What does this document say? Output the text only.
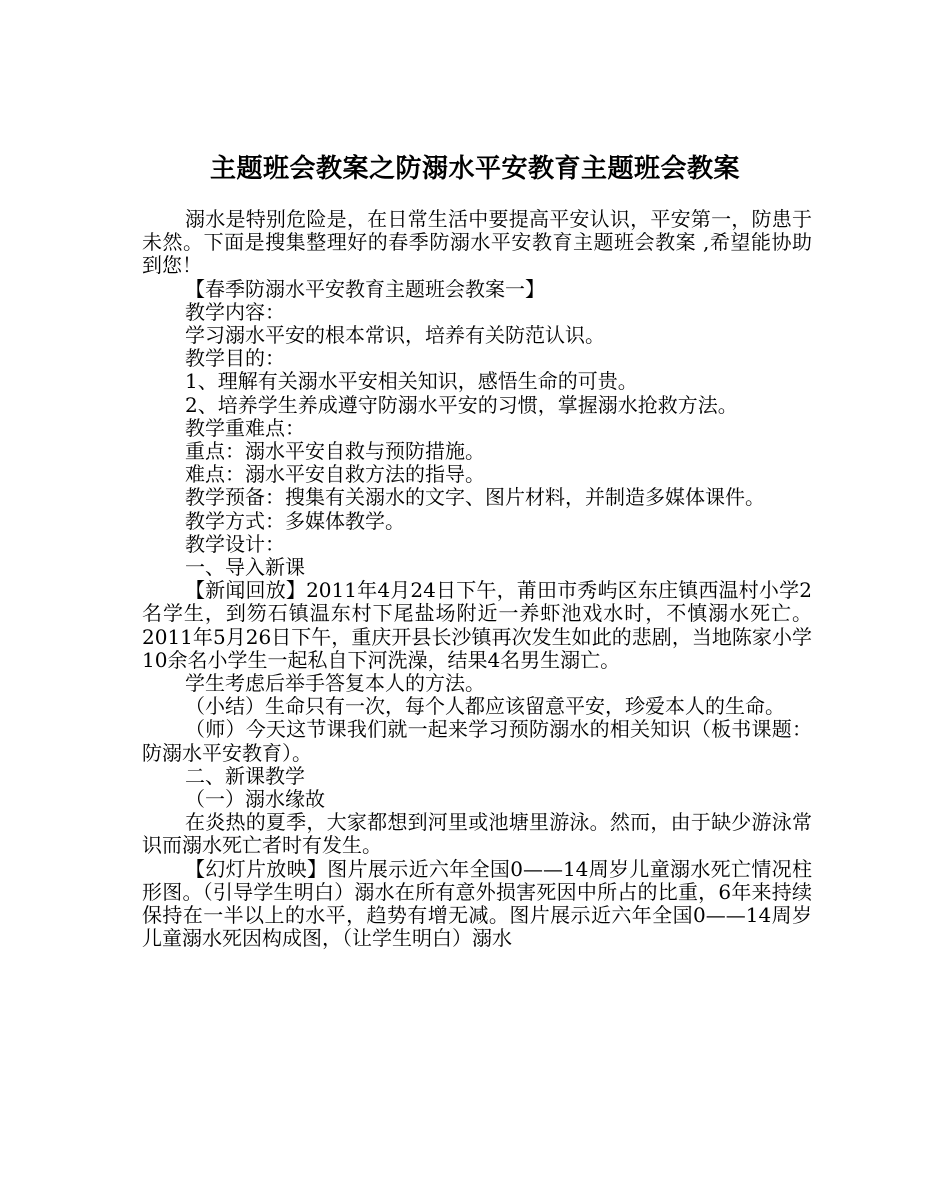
主题班会教案之防溺水平安教育主题班会教案

溺水是特别危险是，在日常生活中要提高平安认识，平安第一，防患于未然。下面是搜集整理好的春季防溺水平安教育主题班会教案 ,希望能协助到您！

【春季防溺水平安教育主题班会教案一】

教学内容：

学习溺水平安的根本常识，培养有关防范认识。

教学目的：

1、理解有关溺水平安相关知识，感悟生命的可贵。

2、培养学生养成遵守防溺水平安的习惯，掌握溺水抢救方法。

教学重难点：

重点：溺水平安自救与预防措施。

难点：溺水平安自救方法的指导。

教学预备：搜集有关溺水的文字、图片材料，并制造多媒体课件。

教学方式：多媒体教学。

教学设计：

一、导入新课

【新闻回放】2011年4月24日下午，莆田市秀屿区东庄镇西温村小学2名学生，到笏石镇温东村下尾盐场附近一养虾池戏水时，不慎溺水死亡。2011年5月26日下午，重庆开县长沙镇再次发生如此的悲剧，当地陈家小学10余名小学生一起私自下河洗澡，结果4名男生溺亡。

学生考虑后举手答复本人的方法。

（小结）生命只有一次，每个人都应该留意平安，珍爱本人的生命。

（师）今天这节课我们就一起来学习预防溺水的相关知识（板书课题：防溺水平安教育）。

二、新课教学

（一）溺水缘故

在炎热的夏季，大家都想到河里或池塘里游泳。然而，由于缺少游泳常识而溺水死亡者时有发生。

【幻灯片放映】图片展示近六年全国0——14周岁儿童溺水死亡情况柱形图。（引导学生明白）溺水在所有意外损害死因中所占的比重，6年来持续保持在一半以上的水平，趋势有增无减。图片展示近六年全国0——14周岁儿童溺水死因构成图，（让学生明白）溺水
